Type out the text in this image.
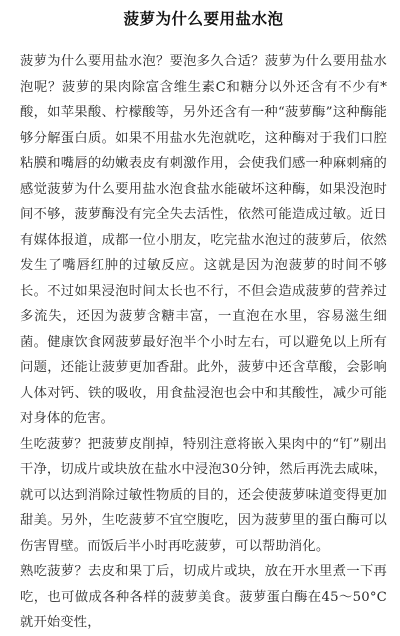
菠萝为什么要用盐水泡

菠萝为什么要用盐水泡？要泡多久合适？菠萝为什么要用盐水泡呢？菠萝的果肉除富含维生素C和糖分以外还含有不少有*酸，如苹果酸、柠檬酸等，另外还含有一种“菠萝酶”这种酶能够分解蛋白质。如果不用盐水先泡就吃，这种酶对于我们口腔粘膜和嘴唇的幼嫩表皮有刺激作用，会使我们感一种麻刺痛的感觉菠萝为什么要用盐水泡食盐水能破坏这种酶，如果没泡时间不够，菠萝酶没有完全失去活性，依然可能造成过敏。近日有媒体报道，成都一位小朋友，吃完盐水泡过的菠萝后，依然发生了嘴唇红肿的过敏反应。这就是因为泡菠萝的时间不够长。不过如果浸泡时间太长也不行，不但会造成菠萝的营养过多流失，还因为菠萝含糖丰富，一直泡在水里，容易滋生细菌。健康饮食网菠萝最好泡半个小时左右，可以避免以上所有问题，还能让菠萝更加香甜。此外，菠萝中还含草酸，会影响人体对钙、铁的吸收，用食盐浸泡也会中和其酸性，减少可能对身体的危害。

生吃菠萝？把菠萝皮削掉，特别注意将嵌入果肉中的“钉”剔出干净，切成片或块放在盐水中浸泡30分钟，然后再洗去咸味，就可以达到消除过敏性物质的目的，还会使菠萝味道变得更加甜美。另外，生吃菠萝不宜空腹吃，因为菠萝里的蛋白酶可以伤害胃壁。而饭后半小时再吃菠萝，可以帮助消化。

熟吃菠萝？去皮和果丁后，切成片或块，放在开水里煮一下再吃，也可做成各种各样的菠萝美食。菠萝蛋白酶在45～50°C就开始变性，
